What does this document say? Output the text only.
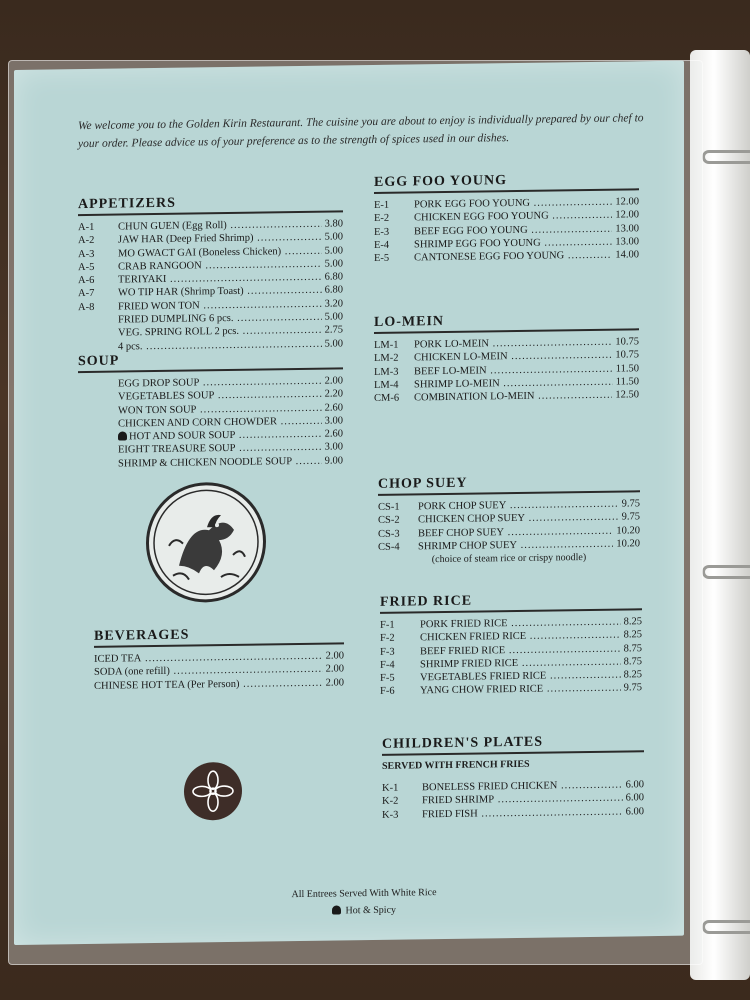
We welcome you to the Golden Kirin Restaurant. The cuisine you are about to enjoy is individually prepared by our chef to your order. Please advice us of your preference as to the strength of spices used in our dishes.

APPETIZERS
A-1	CHUN GUEN (Egg Roll) .....	3.80
A-2	JAW HAR (Deep Fried Shrimp) .....	5.00
A-3	MO GWACT GAI (Boneless Chicken) .....	5.00
A-5	CRAB RANGOON .....	5.00
A-6	TERIYAKI .....	6.80
A-7	WO TIP HAR (Shrimp Toast) .....	6.80
A-8	FRIED WON TON .....	3.20
FRIED DUMPLING 6 pcs. .....	5.00
VEG. SPRING ROLL 2 pcs. .....	2.75
4 pcs. .....	5.00
SOUP
EGG DROP SOUP .....	2.00
VEGETABLES SOUP .....	2.20
WON TON SOUP .....	2.60
CHICKEN AND CORN CHOWDER .....	3.00
HOT AND SOUR SOUP .....	2.60
EIGHT TREASURE SOUP .....	3.00
SHRIMP & CHICKEN NOODLE SOUP .....	9.00
BEVERAGES
ICED TEA .....	2.00
SODA (one refill) .....	2.00
CHINESE HOT TEA (Per Person) .....	2.00
EGG FOO YOUNG
E-1	PORK EGG FOO YOUNG .....	12.00
E-2	CHICKEN EGG FOO YOUNG .....	12.00
E-3	BEEF EGG FOO YOUNG .....	13.00
E-4	SHRIMP EGG FOO YOUNG .....	13.00
E-5	CANTONESE EGG FOO YOUNG .....	14.00
LO-MEIN
LM-1	PORK LO-MEIN .....	10.75
LM-2	CHICKEN LO-MEIN .....	10.75
LM-3	BEEF LO-MEIN .....	11.50
LM-4	SHRIMP LO-MEIN .....	11.50
CM-6	COMBINATION LO-MEIN .....	12.50
CHOP SUEY
CS-1	PORK CHOP SUEY .....	9.75
CS-2	CHICKEN CHOP SUEY .....	9.75
CS-3	BEEF CHOP SUEY .....	10.20
CS-4	SHRIMP CHOP SUEY .....	10.20
(choice of steam rice or crispy noodle)
FRIED RICE
F-1	PORK FRIED RICE .....	8.25
F-2	CHICKEN FRIED RICE .....	8.25
F-3	BEEF FRIED RICE .....	8.75
F-4	SHRIMP FRIED RICE .....	8.75
F-5	VEGETABLES FRIED RICE .....	8.25
F-6	YANG CHOW FRIED RICE .....	9.75
CHILDREN'S PLATES
SERVED WITH FRENCH FRIES
K-1	BONELESS FRIED CHICKEN .....	6.00
K-2	FRIED SHRIMP .....	6.00
K-3	FRIED FISH .....	6.00
All Entrees Served With White Rice
Hot & Spicy
